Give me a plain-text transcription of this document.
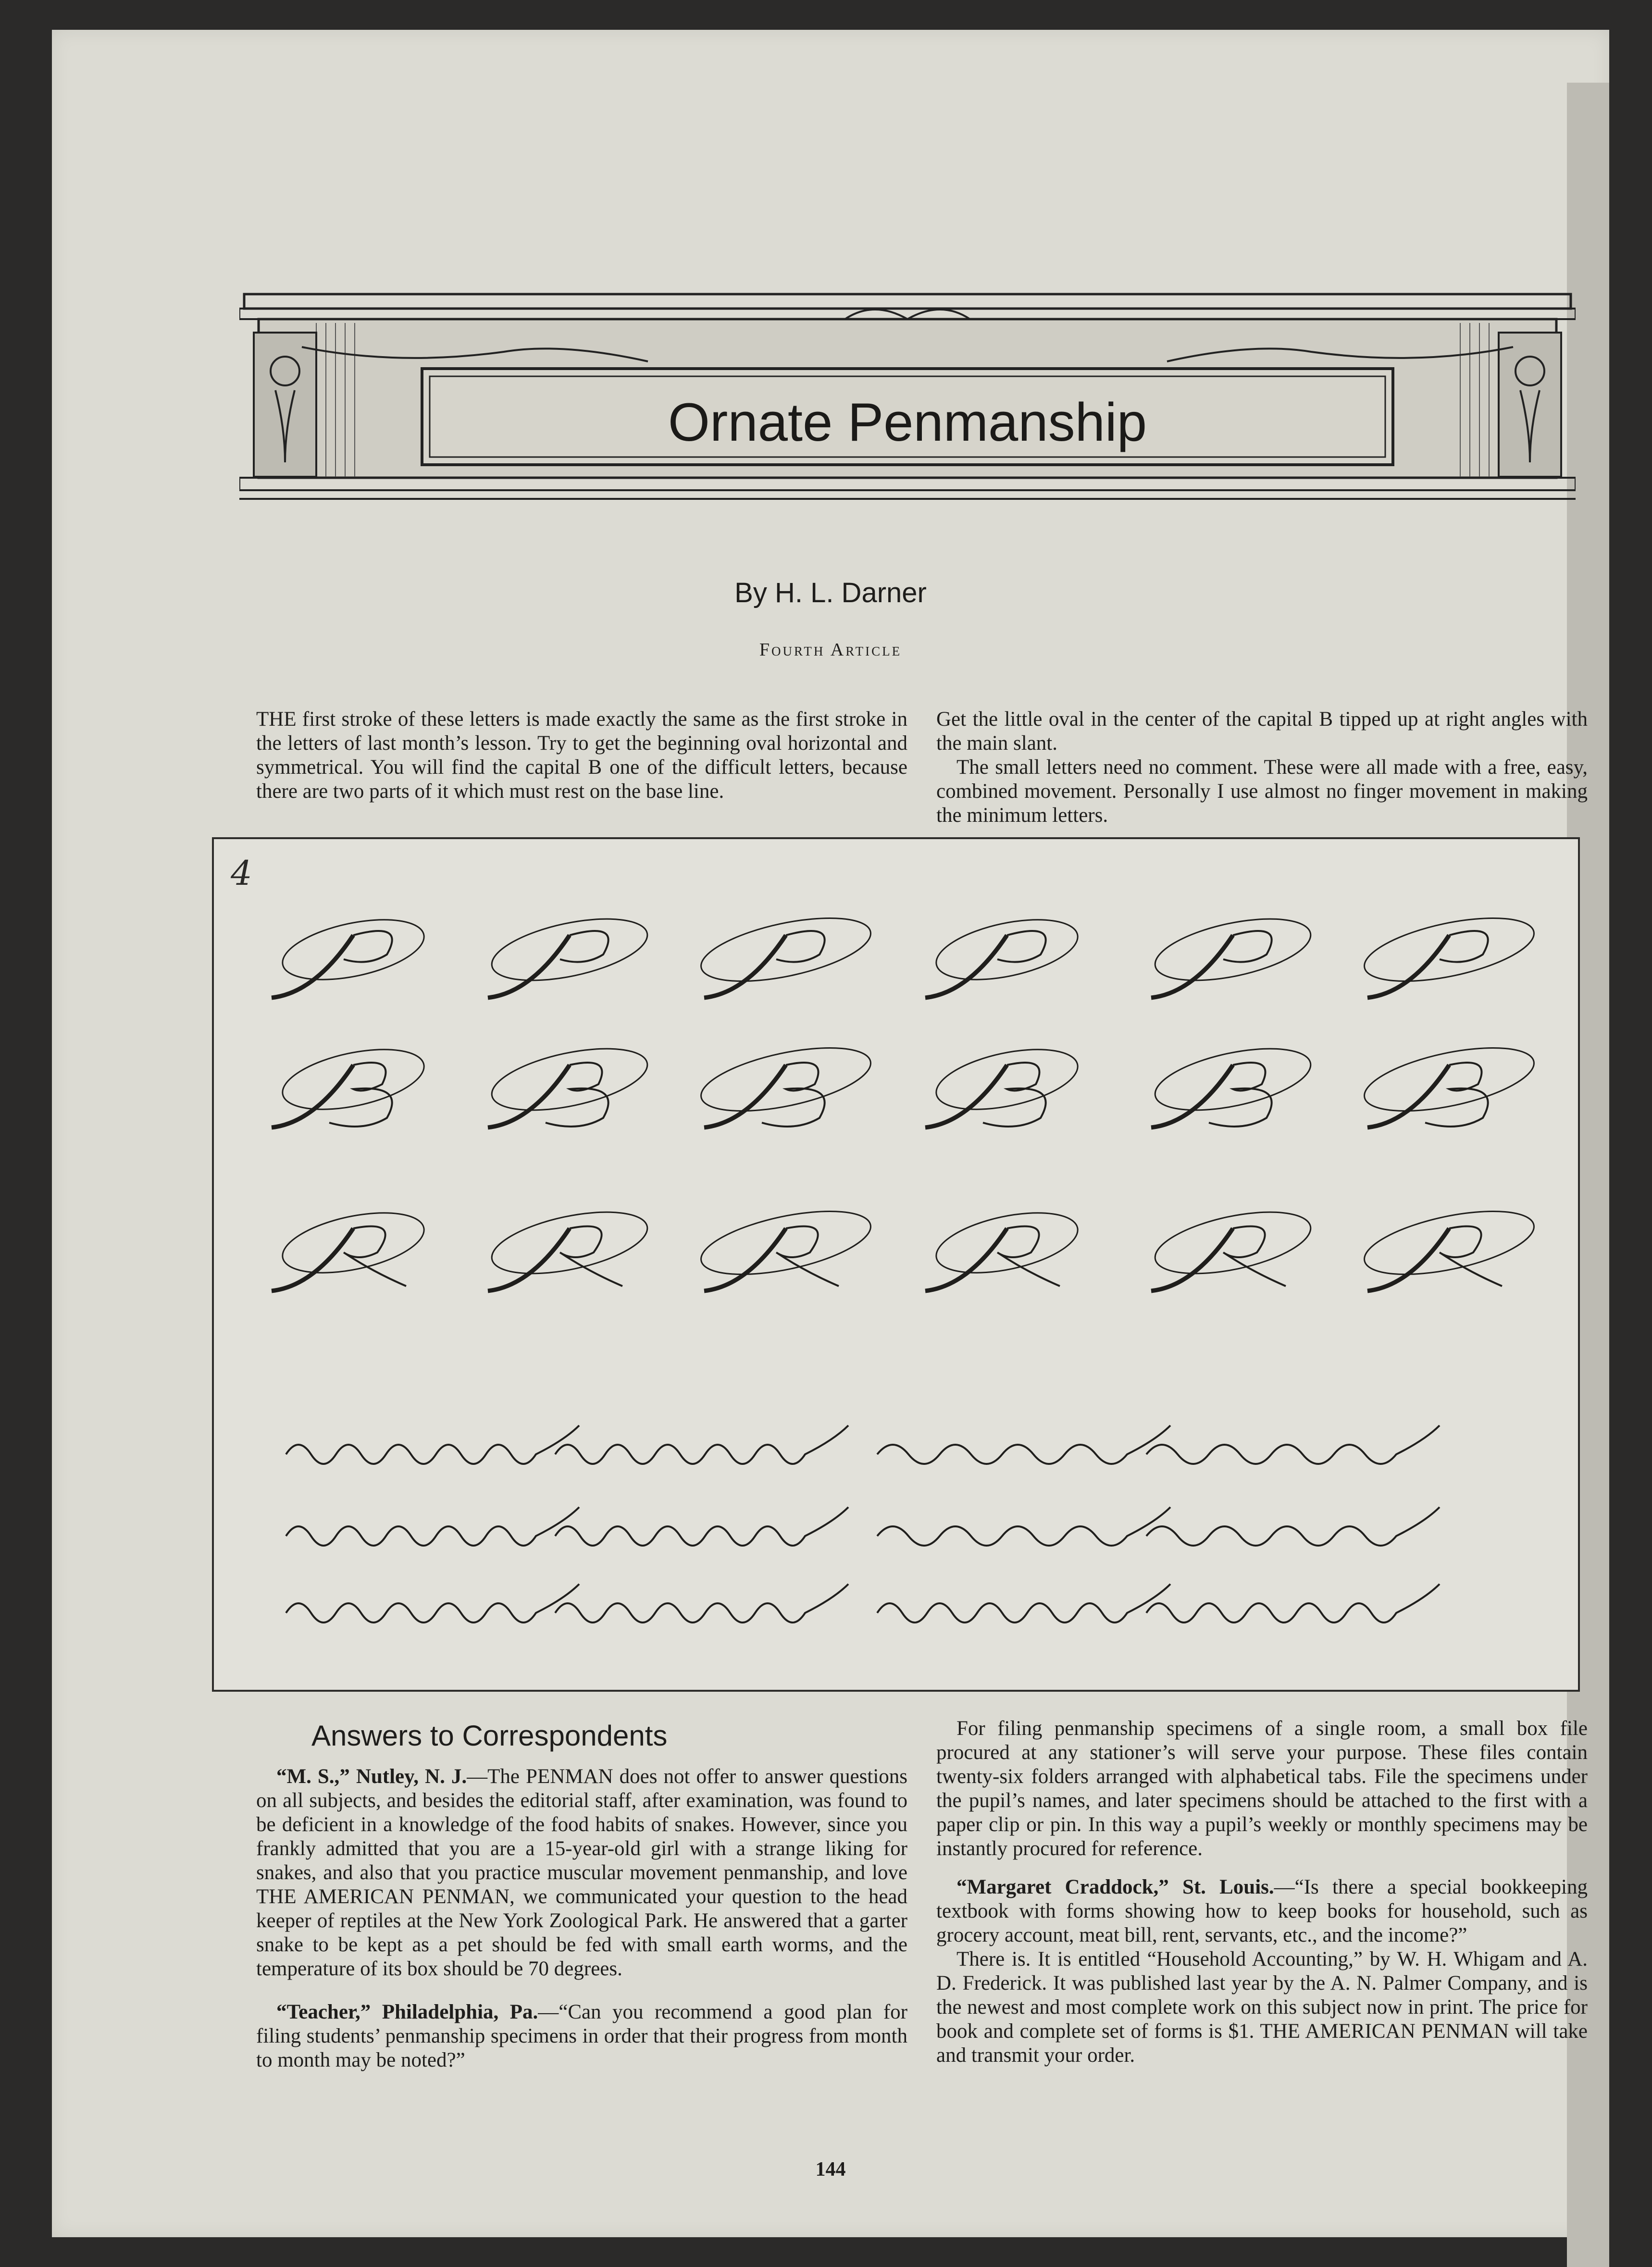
Ornate Penmanship
By H. L. Darner
Fourth Article

THE first stroke of these letters is made exactly the same as the first stroke in the letters of last month’s lesson. Try to get the beginning oval horizontal and symmetrical. You will find the capital B one of the difficult letters, because there are two parts of it which must rest on the base line.

Get the little oval in the center of the capital B tipped up at right angles with the main slant.

The small letters need no comment. These were all made with a free, easy, combined movement. Personally I use almost no finger movement in making the minimum letters.

4
Answers to Correspondents

“M. S.,” Nutley, N. J.—The PENMAN does not offer to answer questions on all subjects, and besides the editorial staff, after examination, was found to be deficient in a knowledge of the food habits of snakes. However, since you frankly admitted that you are a 15-year-old girl with a strange liking for snakes, and also that you practice muscular movement penmanship, and love THE AMERICAN PENMAN, we communicated your question to the head keeper of reptiles at the New York Zoological Park. He answered that a garter snake to be kept as a pet should be fed with small earth worms, and the temperature of its box should be 70 degrees.

“Teacher,” Philadelphia, Pa.—“Can you recommend a good plan for filing students’ penmanship specimens in order that their progress from month to month may be noted?”

For filing penmanship specimens of a single room, a small box file procured at any stationer’s will serve your purpose. These files contain twenty-six folders arranged with alphabetical tabs. File the specimens under the pupil’s names, and later specimens should be attached to the first with a paper clip or pin. In this way a pupil’s weekly or monthly specimens may be instantly procured for reference.

“Margaret Craddock,” St. Louis.—“Is there a special bookkeeping textbook with forms showing how to keep books for household, such as grocery account, meat bill, rent, servants, etc., and the income?”

There is. It is entitled “Household Accounting,” by W. H. Whigam and A. D. Frederick. It was published last year by the A. N. Palmer Company, and is the newest and most complete work on this subject now in print. The price for book and complete set of forms is $1. THE AMERICAN PENMAN will take and transmit your order.

144
